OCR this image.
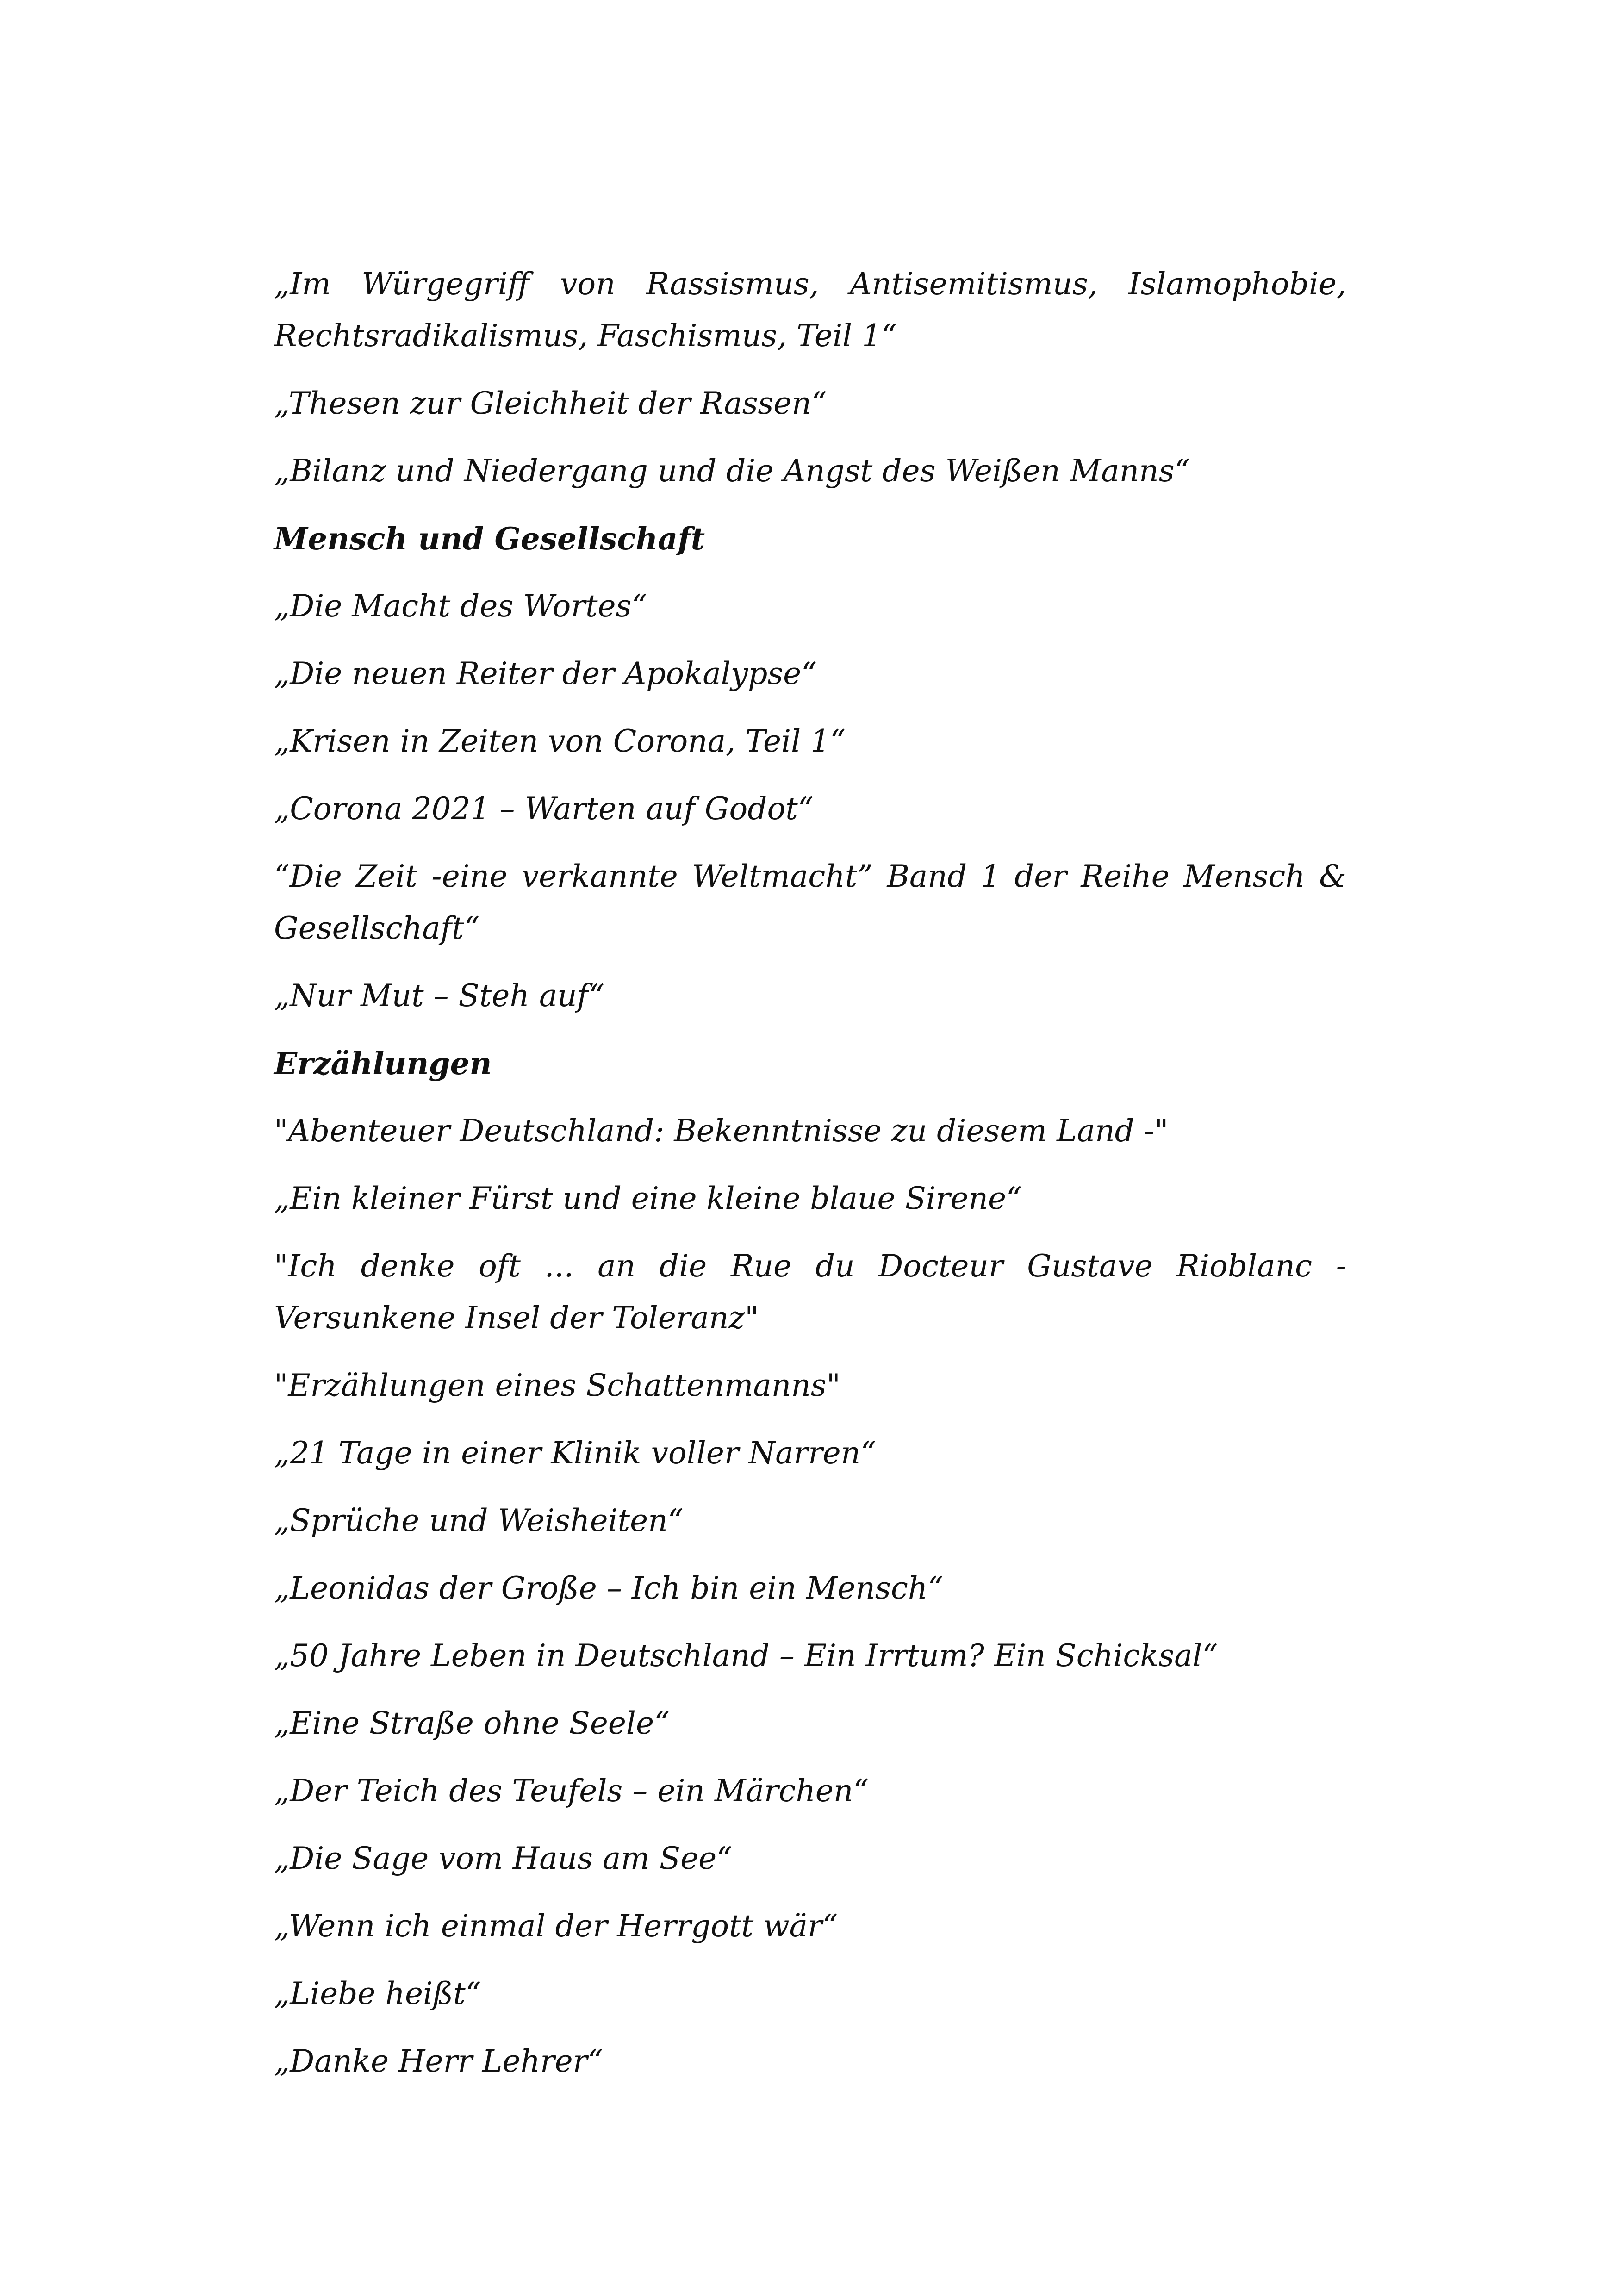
„Im Würgegriff von Rassismus, Antisemitismus, Islamophobie, Rechtsradikalismus, Faschismus, Teil 1“

„Thesen zur Gleichheit der Rassen“

„Bilanz und Niedergang und die Angst des Weißen Manns“

Mensch und Gesellschaft

„Die Macht des Wortes“

„Die neuen Reiter der Apokalypse“

„Krisen in Zeiten von Corona, Teil 1“

„Corona 2021 – Warten auf Godot“

“Die Zeit -eine verkannte Weltmacht” Band 1 der Reihe Mensch & Gesellschaft“

„Nur Mut – Steh auf“

Erzählungen

"Abenteuer Deutschland: Bekenntnisse zu diesem Land -"

„Ein kleiner Fürst und eine kleine blaue Sirene“

"Ich denke oft ... an die Rue du Docteur Gustave Rioblanc - Versunkene Insel der Toleranz"

"Erzählungen eines Schattenmanns"

„21 Tage in einer Klinik voller Narren“

„Sprüche und Weisheiten“

„Leonidas der Große – Ich bin ein Mensch“

„50 Jahre Leben in Deutschland – Ein Irrtum? Ein Schicksal“

„Eine Straße ohne Seele“

„Der Teich des Teufels – ein Märchen“

„Die Sage vom Haus am See“

„Wenn ich einmal der Herrgott wär“

„Liebe heißt“

„Danke Herr Lehrer“
